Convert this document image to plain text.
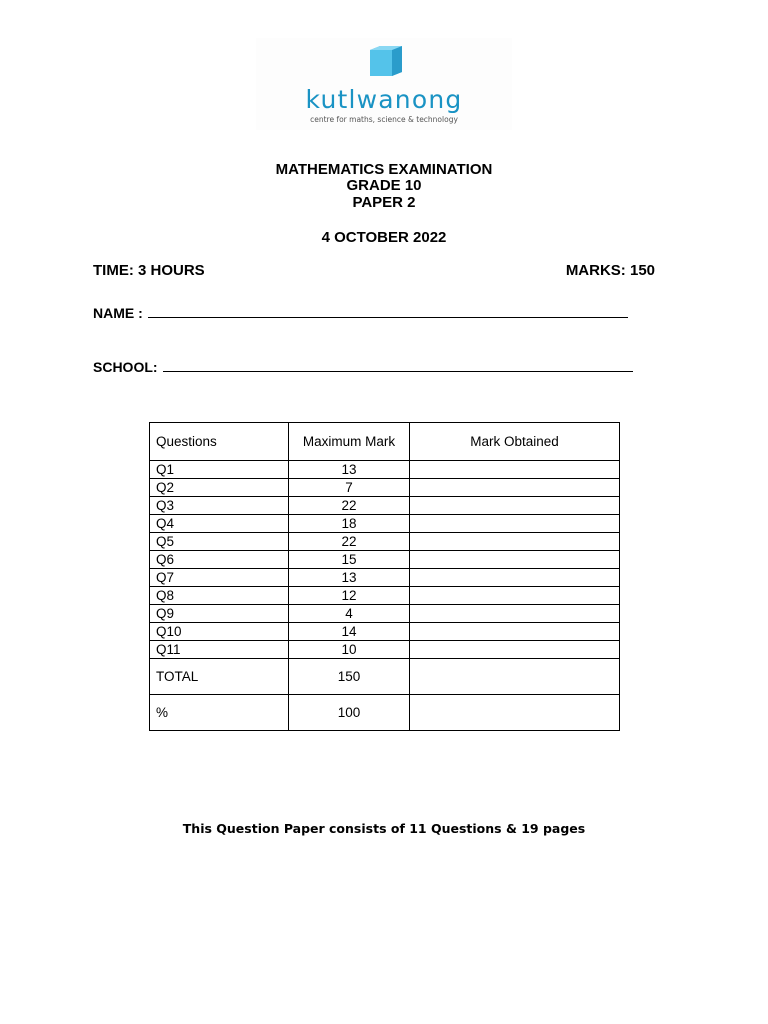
kutlwanong
centre for maths, science & technology
MATHEMATICS EXAMINATION
GRADE 10
PAPER 2
4 OCTOBER 2022
TIME: 3 HOURS	MARKS: 150
NAME :
SCHOOL:
Questions	Maximum Mark	Mark Obtained
Q1	13	
Q2	7	
Q3	22	
Q4	18	
Q5	22	
Q6	15	
Q7	13	
Q8	12	
Q9	4	
Q10	14	
Q11	10	
TOTAL	150	
%	100	
This Question Paper consists of 11 Questions & 19 pages
